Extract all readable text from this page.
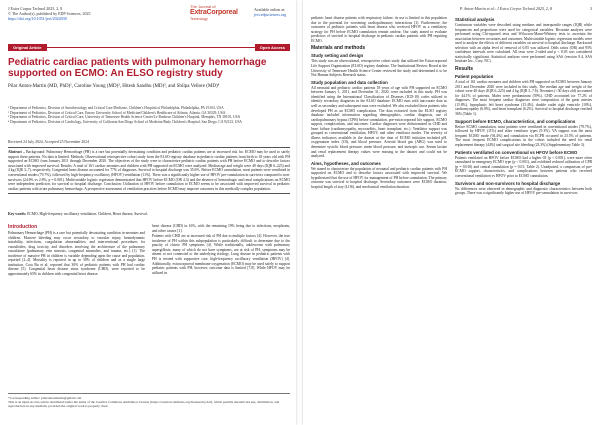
J Extra Corpor Technol 2025, 2, 8
© The Author(s), published by EDP Sciences, 2025
https://doi.org/10.1051/ject/2024038
The Journal of
ExtraCorporeal
Technology
Available online at:
ject.edpsciences.org
Original Article	Open Access
Pediatric cardiac patients with pulmonary hemorrhage supported on ECMO: An ELSO registry study
Pilar Anton-Martin (MD, PhD)¹, Caroline Young (MD)², Hitesh Sandhu (MD)³, and Shilpa Vellore (MD)⁴
¹ Department of Pediatrics, Division of Anesthesiology and Critical Care Medicine, Children's Hospital of Philadelphia, Philadelphia, PA 19104, USA
² Department of Pediatrics, Division of Critical Care, Emory University School of Medicine/Children's Healthcare of Atlanta, Atlanta, GA 30329, USA
³ Department of Pediatrics, Division of Critical Care, University of Tennessee Health Science Center/Le Bonheur Children's Hospital, Memphis, TN 38103, USA
⁴ Department of Pediatrics, Division of Cardiology, University of California San Diego School of Medicine/Rady Children's Hospital, San Diego, CA 92123, USA
Received 24 July 2024, Accepted 25 November 2024
Abstract – Background: Pulmonary Hemorrhage (PH) is a rare but potentially devastating condition and pediatric cardiac patients are at increased risk for. ECMO may be used to safely support these patients. No data is limited. Methods: Observational retrospective cohort study from the ELSO registry database in pediatric cardiac patients from birth to 18 years old with PH supported on ECMO from January 2011 through December 2020. The objectives of the study were to characterize pediatric cardiac patients with PH before ECMO and to describe factors associated with improved survival. Results: A total of 161 cardiac neonates and children with PH supported on ECMO were analyzed. Median age and weight were 40 days (IQR 6–225) and 4 kg (IQR 3–7), respectively. Congenital heart disease accounted for 77% of diagnoses. Survival to hospital discharge was 35.6%. Before ECMO cannulation, most patients were ventilated in conventional modes (79.7%), followed by high-frequency oscillatory (HFOV) ventilation (11%). There was a significantly higher use of HFOV pre-cannulation in survivors compared to non-survivors (24.6% vs 2.8%, p = 0.001). Multivariable logistic regression demonstrated that HFOV before ECMO (OR 4.3) and the absence of hemorrhagic and renal complications on ECMO were independent predictors for survival to hospital discharge. Conclusion: Utilization of HFOV before cannulation to ECMO seems to be associated with improved survival in pediatric cardiac patients with acute pulmonary hemorrhage. A prospective assessment of ventilation practices before ECMO may improve outcomes in this medically complex population.
Key words: ECMO, High-frequency oscillatory ventilation, Children, Heart disease, Survival.
Introduction

Pulmonary Hemorrhage (PH) is a rare but potentially devastating condition in neonates and children. Massive bleeding may occur secondary to vascular injury, hemodynamic instability, infections, coagulation abnormalities, and interventional procedures for vasculitides, drug toxicity, and disorders involving the architecture of the pulmonary vasculature (pulmonary vein stenosis, congenital anomalies, and trauma, etc.) [1]. The incidence of massive PH in children is variable depending upon the cause and population, reported [2–4]. Mortality is reported in up to 50% of children and as a single large institution, Cota Bu et al. reported that 30% of pediatric patients with PH had cardiac disease [5]. Congenital heart disease sinus syndrome (CHD), were reported to be approximately 65% in children with congenital heart disease.

heart disease (CHD) in 16%, with the remaining 19% being due to infections, neoplasms, and other causes [1].

Patients with CHD are at increased risk of PH due to multiple factors [4]. However, the true incidence of PH within this subpopulation is particularly difficult to determine due to the paucity of classic PH symptoms [4]. While traditionally, adolescents with pulmonary aspergillosis, many of which do not have symptoms, are at risk of PH, symptoms may be absent or not connected to the underlying etiology. Lung disease in pediatric patients with PH is treated with supportive care, high-frequency oscillatory ventilation (HFOV) [4]. Additionally, extracorporeal membrane oxygenation (ECMO) may be used safely to support pediatric patients with PH, however, outcome data is limited [7,8]. While HFOV may be utilized in

*Corresponding author: pilarantonmartin@gmail.com
This is an Open Access article distributed under the terms of the Creative Commons Attribution License (https://creativecommons.org/licenses/by/4.0), which permits unrestricted use, distribution, and reproduction in any medium, provided the original work is properly cited.
P. Anton-Martin et al.: J Extra Corpor Technol 2025, 2, 8	3

pediatric heart disease patients with respiratory failure, its use is limited in this population due to the potential for worsening cardiopulmonary interactions [1]. Furthermore, the outcomes of pediatric patients with heart disease who received HFOV as a ventilatory strategy for PH before ECMO cannulation remain unclear. Our study aimed to evaluate predictors of survival to hospital discharge in pediatric cardiac patients with PH requiring ECMO.

Materials and methods
Study setting and design

This study was an observational, retrospective cohort study that utilized the Extracorporeal Life Support Organization (ELSO) registry database. The Institutional Review Board at the University of Tennessee Health Science Center reviewed the study and determined it to be Not Human Subjects Research status.

Study population and data collection

All neonatal and pediatric cardiac patients 18 years of age with PH supported on ECMO between January 1, 2011, and December 31, 2020, were included in this study. PH was identified using the International Classification of Diseases (ICD-10) codes utilized to identify secondary diagnoses in the ELSO database. ECMO runs with inaccurate data as well as secondary and subsequent runs were excluded. We also excluded those patients who developed PH as an ECMO complication. The data extracted from the ELSO registry database included information regarding demographics, cardiac diagnosis, use of cardiopulmonary bypass (CPB) before cannulation, pre-extracorporeal life support, ECMO support, complications, and outcomes. Cardiac diagnoses were dichotomized as CHD and heart failure (cardiomyopathy, myocarditis, heart transplant, etc.). Ventilator support was grouped as conventional ventilation, HFOV, and other ventilator modes. The severity of illness indicators available in the dataset at the time of ECMO initiation included pH, oxygenation index (OI), and blood pressure. Arterial blood gas (ABG) was used to determine systolic blood pressure, mean blood pressure, and inotropic use. Serum lactate and renal replacement therapy values were missing in the dataset and could not be analyzed.

Aims, hypotheses, and outcomes

We aimed to characterize the population of neonatal and pediatric cardiac patients with PH supported on ECMO and to describe factors associated with improved survival. We hypothesized that the use of HFOV for management of PH before cannulation. The primary outcome was survival to hospital discharge. Secondary outcomes were ECMO duration, hospital length of stay (LOS), and mechanical ventilation duration.

Statistical analysis

Continuous variables were described using medians and interquartile ranges (IQR) while frequencies and proportions were used for categorical variables. Bivariate analyses were performed using Chi-squared tests and Wilcoxon-Mann-Whitney tests to ascertain the association between covariates and outcomes. Multivariable logistic regression models were used to analyze the effects of different variables on survival to hospital discharge. Backward selection with an alpha level of removal of 0.05 was utilized. Odds ratios (OR) and 95% confidence intervals were calculated. All tests were 2-sided and p < 0.05 was considered statistically significant. Statistical analyses were performed using SAS (version 9.4, SAS Institute Inc., Cary, NC).

Results
Patient population

A total of 161 cardiac neonates and children with PH supported on ECMO between January 2011 and December 2020 were included in this study. The median age and weight of the cohort were 40 days (IQR 6–225) and 4 kg (IQR 3–7.6). Neonates (<30 days old) accounted for 44.1% of patients. Males were predominant (59%). CHD accounted for 77.2% of diagnoses. The most frequent cardiac diagnoses were composition of the great arteries (15.8%), hypoplastic left heart syndrome (15.4%), double outlet right ventricle (10%), cardiomyopathy (6.8%), and heart transplant (6.2%). Survival to hospital discharge reached 36% (Table 1).

Support before ECMO, characteristics, and complications

Before ECMO cannulation, most patients were ventilated in conventional modes (79.7%), followed by HFOV (11%) and other ventilator types (9.3%). VA support was the most frequent ECMO mode (94.4%) and cannulation via ECPR occurred in 23.5% of patients. The most frequent ECMO complications in the cohort included the need for renal replacement therapy (44%) and surgical site bleeding (23.3%) (Supplementary Table 3).

Patients ventilated on conventional vs HFOV before ECMO

Patients ventilated on HFOV before ECMO had a higher OI (p < 0.001), were more often cannulated in emergency ECMO type (p < 0.001), and exhibited reduced utilization of CPB (p = 0.016) and central cannulation (p = 0.01; Table 2). Unadjusted, a comparison of pre-ECMO support, characteristics, and complications between patients who received conventional ventilation vs HFOV prior to ECMO cannulation.

Survivors and non-survivors to hospital discharge

No differences were observed in demographic and diagnostic characteristics between both groups. There was a significantly higher use of HFOV pre-cannulation in survivors
